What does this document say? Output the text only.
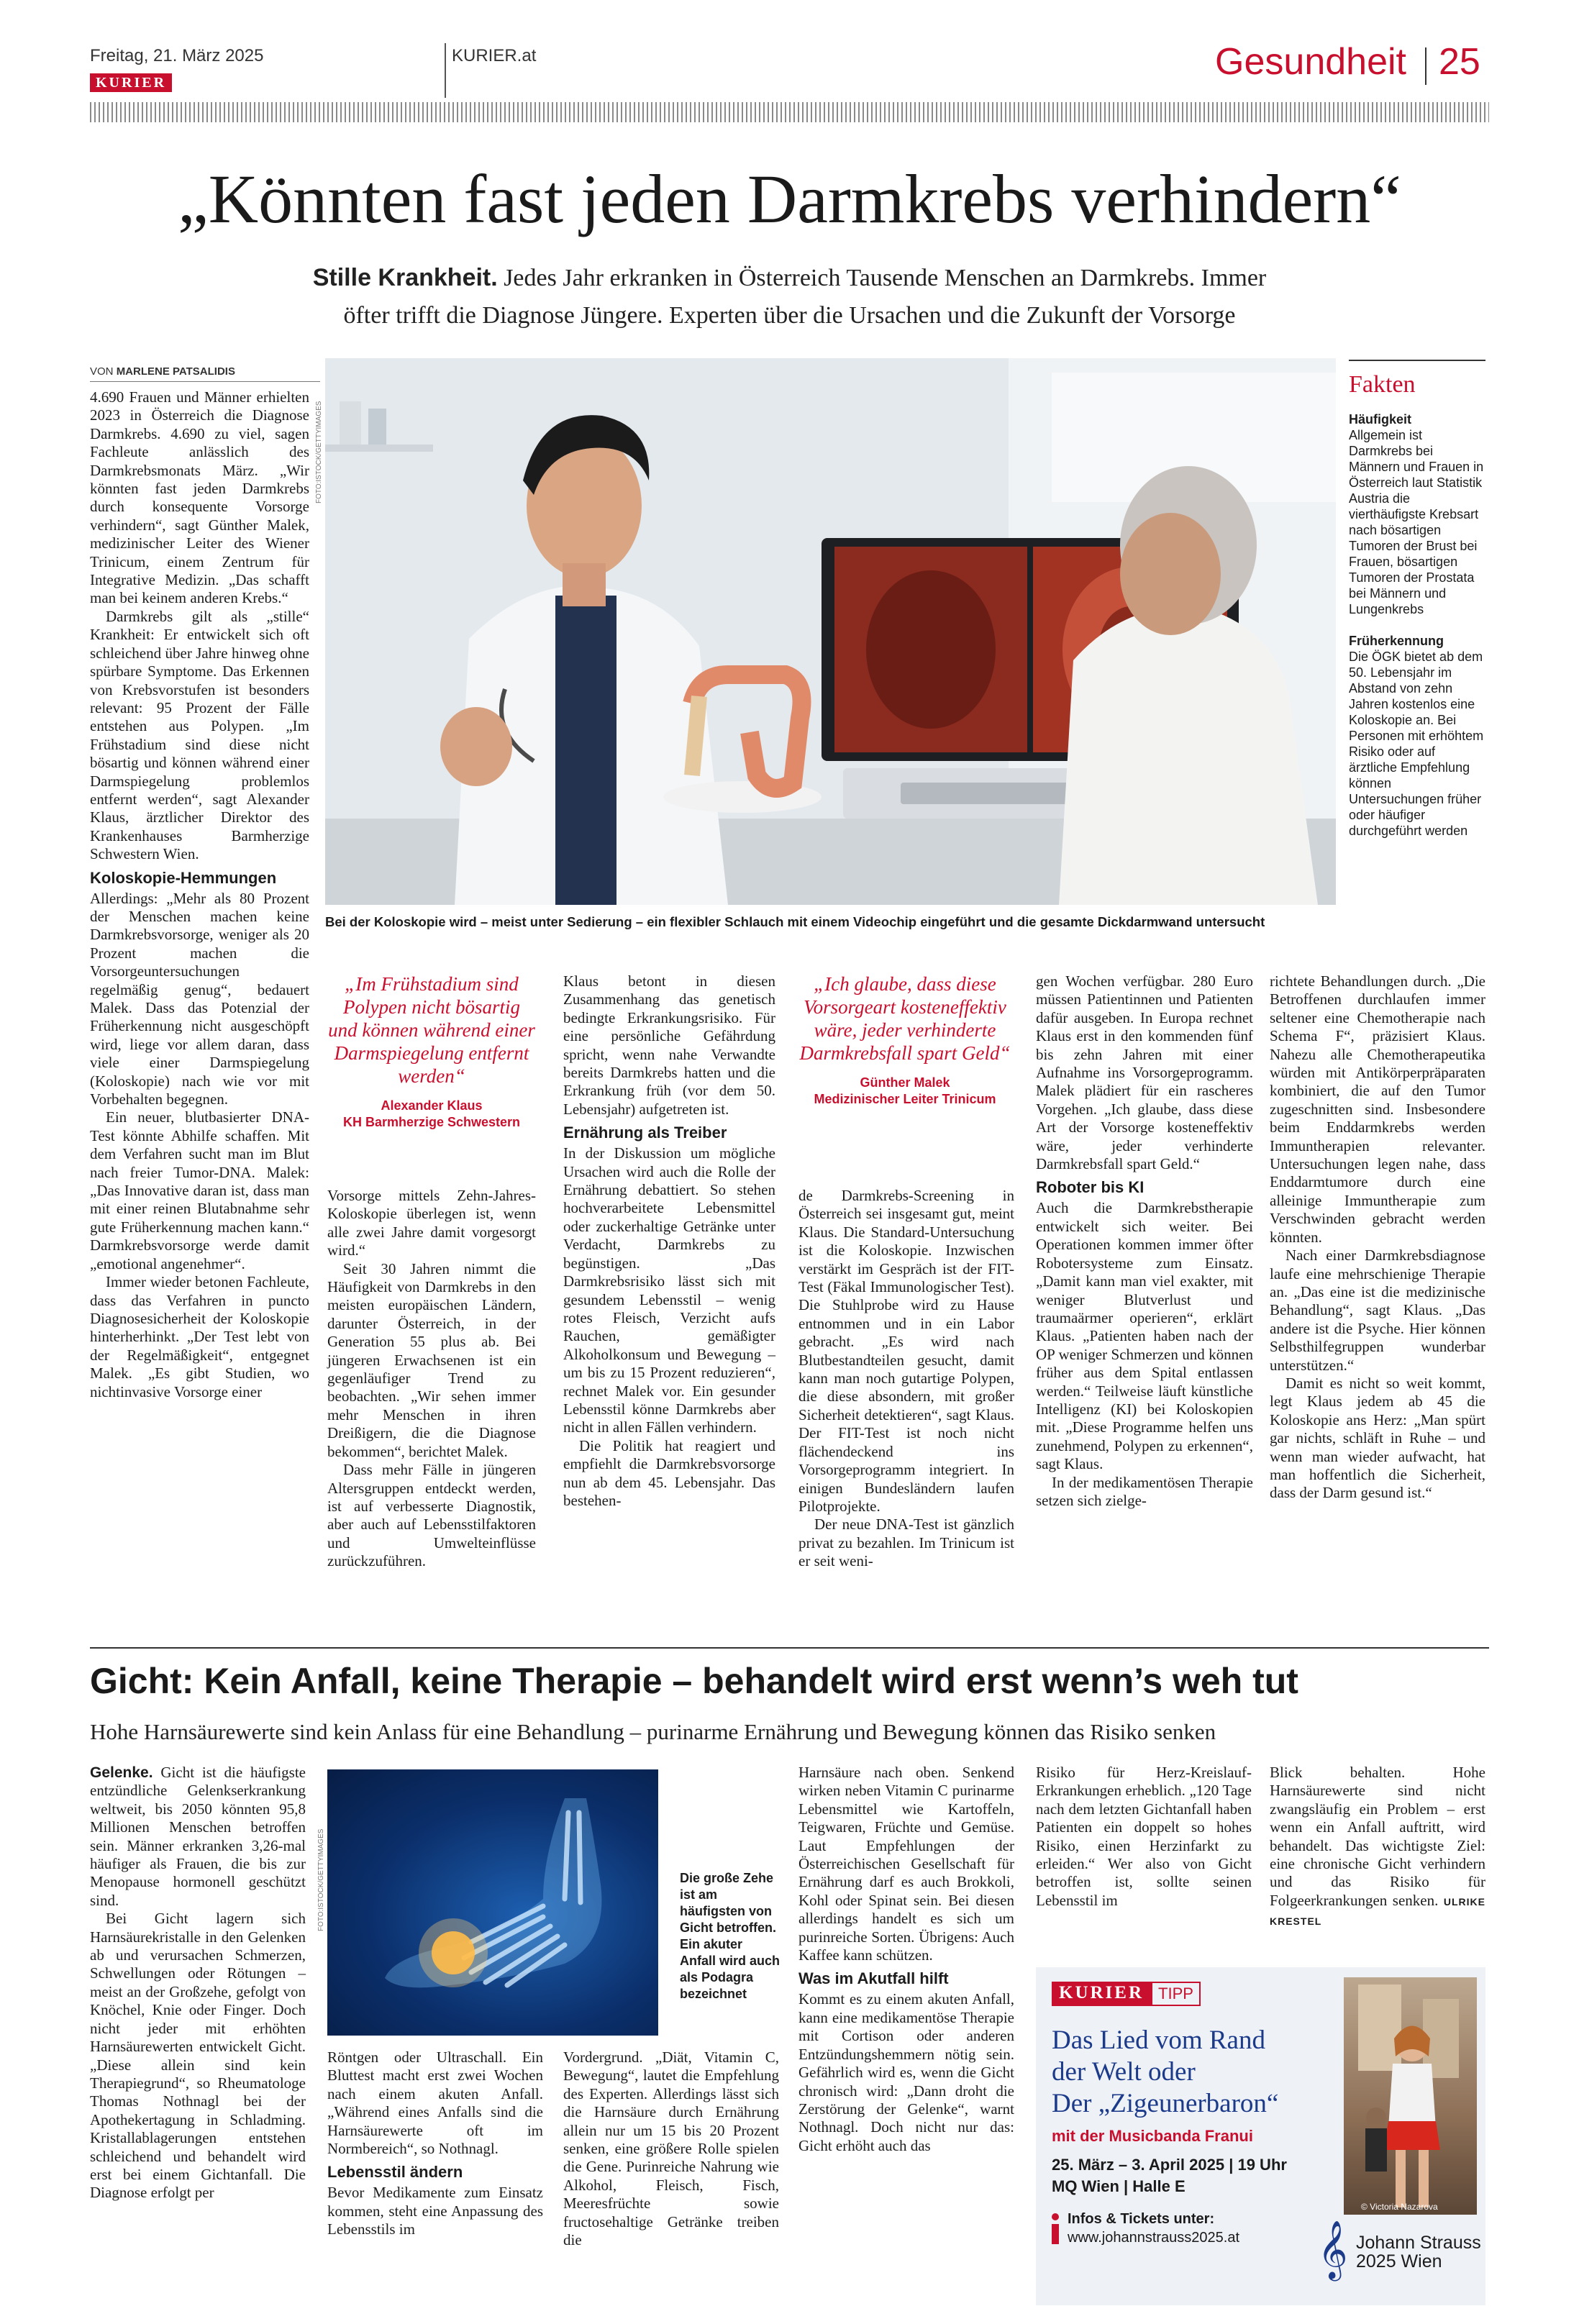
Freitag, 21. März 2025
KURIER
KURIER.at	Gesundheit 25
„Könnten fast jeden Darmkrebs verhindern“
Stille Krankheit. Jedes Jahr erkranken in Österreich Tausende Menschen an Darmkrebs. Immer
öfter trifft die Diagnose Jüngere. Experten über die Ursachen und die Zukunft der Vorsorge
VON MARLENE PATSALIDIS

4.690 Frauen und Männer erhielten 2023 in Österreich die Diagnose Darmkrebs. 4.690 zu viel, sagen Fachleute anlässlich des Darmkrebsmonats März. „Wir könnten fast jeden Darmkrebs durch konsequente Vorsorge verhindern“, sagt Günther Malek, medizinischer Leiter des Wiener Trinicum, einem Zentrum für Integrative Medizin. „Das schafft man bei keinem anderen Krebs.“

Darmkrebs gilt als „stille“ Krankheit: Er entwickelt sich oft schleichend über Jahre hinweg ohne spürbare Symptome. Das Erkennen von Krebsvorstufen ist besonders relevant: 95 Prozent der Fälle entstehen aus Polypen. „Im Frühstadium sind diese nicht bösartig und können während einer Darmspiegelung problemlos entfernt werden“, sagt Alexander Klaus, ärztlicher Direktor des Krankenhauses Barmherzige Schwestern Wien.

Koloskopie-Hemmungen

Allerdings: „Mehr als 80 Prozent der Menschen machen keine Darmkrebsvorsorge, weniger als 20 Prozent machen die Vorsorgeuntersuchungen regelmäßig genug“, bedauert Malek. Dass das Potenzial der Früherkennung nicht ausgeschöpft wird, liege vor allem daran, dass viele einer Darmspiegelung (Koloskopie) nach wie vor mit Vorbehalten begegnen.

Ein neuer, blutbasierter DNA-Test könnte Abhilfe schaffen. Mit dem Verfahren sucht man im Blut nach freier Tumor-DNA. Malek: „Das Innovative daran ist, dass man mit einer reinen Blutabnahme sehr gute Früherkennung machen kann.“ Darmkrebsvorsorge werde damit „emotional angenehmer“.

Immer wieder betonen Fachleute, dass das Verfahren in puncto Diagnosesicherheit der Koloskopie hinterherhinkt. „Der Test lebt von der Regelmäßigkeit“, entgegnet Malek. „Es gibt Studien, wo nichtinvasive Vorsorge einer

FOTO:ISTOCK/GETTYIMAGES
Bei der Koloskopie wird – meist unter Sedierung – ein flexibler Schlauch mit einem Videochip eingeführt und die gesamte Dickdarmwand untersucht
Fakten
Häufigkeit
Allgemein ist Darmkrebs bei Männern und Frauen in Österreich laut Statistik Austria die vierthäufigste Krebsart nach bösartigen Tumoren der Brust bei Frauen, bösartigen Tumoren der Prostata bei Männern und Lungenkrebs
Früherkennung
Die ÖGK bietet ab dem 50. Lebensjahr im Abstand von zehn Jahren kostenlos eine Koloskopie an. Bei Personen mit erhöhtem Risiko oder auf ärztliche Empfehlung können Untersuchungen früher oder häufiger durchgeführt werden
„Im Frühstadium sind Polypen nicht bösartig und können während einer Darmspiegelung entfernt werden“
Alexander Klaus
KH Barmherzige Schwestern

Vorsorge mittels Zehn-Jahres-Koloskopie überlegen ist, wenn alle zwei Jahre damit vorgesorgt wird.“

Seit 30 Jahren nimmt die Häufigkeit von Darmkrebs in den meisten europäischen Ländern, darunter Österreich, in der Generation 55 plus ab. Bei jüngeren Erwachsenen ist ein gegenläufiger Trend zu beobachten. „Wir sehen immer mehr Menschen in ihren Dreißigern, die die Diagnose bekommen“, berichtet Malek.

Dass mehr Fälle in jüngeren Altersgruppen entdeckt werden, ist auf verbesserte Diagnostik, aber auch auf Lebensstilfaktoren und Umwelteinflüsse zurückzuführen.

Klaus betont in diesen Zusammenhang das genetisch bedingte Erkrankungsrisiko. Für eine persönliche Gefährdung spricht, wenn nahe Verwandte bereits Darmkrebs hatten und die Erkrankung früh (vor dem 50. Lebensjahr) aufgetreten ist.

Ernährung als Treiber

In der Diskussion um mögliche Ursachen wird auch die Rolle der Ernährung debattiert. So stehen hochverarbeitete Lebensmittel oder zuckerhaltige Getränke unter Verdacht, Darmkrebs zu begünstigen. „Das Darmkrebsrisiko lässt sich mit gesundem Lebensstil – wenig rotes Fleisch, Verzicht aufs Rauchen, gemäßigter Alkoholkonsum und Bewegung – um bis zu 15 Prozent reduzieren“, rechnet Malek vor. Ein gesunder Lebensstil könne Darmkrebs aber nicht in allen Fällen verhindern.

Die Politik hat reagiert und empfiehlt die Darmkrebsvorsorge nun ab dem 45. Lebensjahr. Das bestehen-

„Ich glaube, dass diese Vorsorgeart kosteneffektiv wäre, jeder verhinderte Darmkrebsfall spart Geld“
Günther Malek
Medizinischer Leiter Trinicum

de Darmkrebs-Screening in Österreich sei insgesamt gut, meint Klaus. Die Standard-Untersuchung ist die Koloskopie. Inzwischen verstärkt im Gespräch ist der FIT-Test (Fäkal Immunologischer Test). Die Stuhlprobe wird zu Hause entnommen und in ein Labor gebracht. „Es wird nach Blutbestandteilen gesucht, damit kann man noch gutartige Polypen, die diese absondern, mit großer Sicherheit detektieren“, sagt Klaus. Der FIT-Test ist noch nicht flächendeckend ins Vorsorgeprogramm integriert. In einigen Bundesländern laufen Pilotprojekte.

Der neue DNA-Test ist gänzlich privat zu bezahlen. Im Trinicum ist er seit weni-

gen Wochen verfügbar. 280 Euro müssen Patientinnen und Patienten dafür ausgeben. In Europa rechnet Klaus erst in den kommenden fünf bis zehn Jahren mit einer Aufnahme ins Vorsorgeprogramm. Malek plädiert für ein rascheres Vorgehen. „Ich glaube, dass diese Art der Vorsorge kosteneffektiv wäre, jeder verhinderte Darmkrebsfall spart Geld.“

Roboter bis KI

Auch die Darmkrebstherapie entwickelt sich weiter. Bei Operationen kommen immer öfter Robotersysteme zum Einsatz. „Damit kann man viel exakter, mit weniger Blutverlust und traumaärmer operieren“, erklärt Klaus. „Patienten haben nach der OP weniger Schmerzen und können früher aus dem Spital entlassen werden.“ Teilweise läuft künstliche Intelligenz (KI) bei Koloskopien mit. „Diese Programme helfen uns zunehmend, Polypen zu erkennen“, sagt Klaus.

In der medikamentösen Therapie setzen sich zielge-

richtete Behandlungen durch. „Die Betroffenen durchlaufen immer seltener eine Chemotherapie nach Schema F“, präzisiert Klaus. Nahezu alle Chemotherapeutika würden mit Antikörperpräparaten kombiniert, die auf den Tumor zugeschnitten sind. Insbesondere beim Enddarmkrebs werden Immuntherapien relevanter. Untersuchungen legen nahe, dass Enddarmtumore durch eine alleinige Immuntherapie zum Verschwinden gebracht werden könnten.

Nach einer Darmkrebsdiagnose laufe eine mehrschienige Therapie an. „Das eine ist die medizinische Behandlung“, sagt Klaus. „Das andere ist die Psyche. Hier können Selbsthilfegruppen wunderbar unterstützen.“

Damit es nicht so weit kommt, legt Klaus jedem ab 45 die Koloskopie ans Herz: „Man spürt gar nichts, schläft in Ruhe – und wenn man wieder aufwacht, hat man hoffentlich die Sicherheit, dass der Darm gesund ist.“

Gicht: Kein Anfall, keine Therapie – behandelt wird erst wenn’s weh tut
Hohe Harnsäurewerte sind kein Anlass für eine Behandlung – purinarme Ernährung und Bewegung können das Risiko senken

Gelenke. Gicht ist die häufigste entzündliche Gelenkserkrankung weltweit, bis 2050 könnten 95,8 Millionen Menschen betroffen sein. Männer erkranken 3,26-mal häufiger als Frauen, die bis zur Menopause hormonell geschützt sind.

Bei Gicht lagern sich Harnsäurekristalle in den Gelenken ab und verursachen Schmerzen, Schwellungen oder Rötungen – meist an der Großzehe, gefolgt von Knöchel, Knie oder Finger. Doch nicht jeder mit erhöhten Harnsäurewerten entwickelt Gicht. „Diese allein sind kein Therapiegrund“, so Rheumatologe Thomas Nothnagl bei der Apothekertagung in Schladming. Kristallablagerungen entstehen schleichend und behandelt wird erst bei einem Gichtanfall. Die Diagnose erfolgt per

FOTO:ISTOCK/GETTYIMAGES	Die große Zehe ist am häufigsten von Gicht betroffen. Ein akuter Anfall wird auch als Podagra bezeichnet

Röntgen oder Ultraschall. Ein Bluttest macht erst zwei Wochen nach einem akuten Anfall. „Während eines Anfalls sind die Harnsäurewerte oft im Normbereich“, so Nothnagl.

Lebensstil ändern

Bevor Medikamente zum Einsatz kommen, steht eine Anpassung des Lebensstils im

Vordergrund. „Diät, Vitamin C, Bewegung“, lautet die Empfehlung des Experten. Allerdings lässt sich die Harnsäure durch Ernährung allein nur um 15 bis 20 Prozent senken, eine größere Rolle spielen die Gene. Purinreiche Nahrung wie Alkohol, Fleisch, Fisch, Meeresfrüchte sowie fructosehaltige Getränke treiben die

Harnsäure nach oben. Senkend wirken neben Vitamin C purinarme Lebensmittel wie Kartoffeln, Teigwaren, Früchte und Gemüse. Laut Empfehlungen der Österreichischen Gesellschaft für Ernährung darf es auch Brokkoli, Kohl oder Spinat sein. Bei diesen allerdings handelt es sich um purinreiche Sorten. Übrigens: Auch Kaffee kann schützen.

Was im Akutfall hilft

Kommt es zu einem akuten Anfall, kann eine medikamentöse Therapie mit Cortison oder anderen Entzündungshemmern nötig sein. Gefährlich wird es, wenn die Gicht chronisch wird: „Dann droht die Zerstörung der Gelenke“, warnt Nothnagl. Doch nicht nur das: Gicht erhöht auch das

Risiko für Herz-Kreislauf-Erkrankungen erheblich. „120 Tage nach dem letzten Gichtanfall haben Patienten ein doppelt so hohes Risiko, einen Herzinfarkt zu erleiden.“ Wer also von Gicht betroffen ist, sollte seinen Lebensstil im

Blick behalten. Hohe Harnsäurewerte sind nicht zwangsläufig ein Problem – erst wenn ein Anfall auftritt, wird behandelt. Das wichtigste Ziel: eine chronische Gicht verhindern und das Risiko für Folgeerkrankungen senken. ULRIKE KRESTEL

KURIER TIPP
Das Lied vom Rand
der Welt oder
Der „Zigeunerbaron“
mit der Musicbanda Franui
25. März – 3. April 2025 | 19 Uhr
MQ Wien | Halle E
Infos & Tickets unter:
www.johannstrauss2025.at
© Victoria Nazarova
𝄞 Johann Strauss
2025 Wien
